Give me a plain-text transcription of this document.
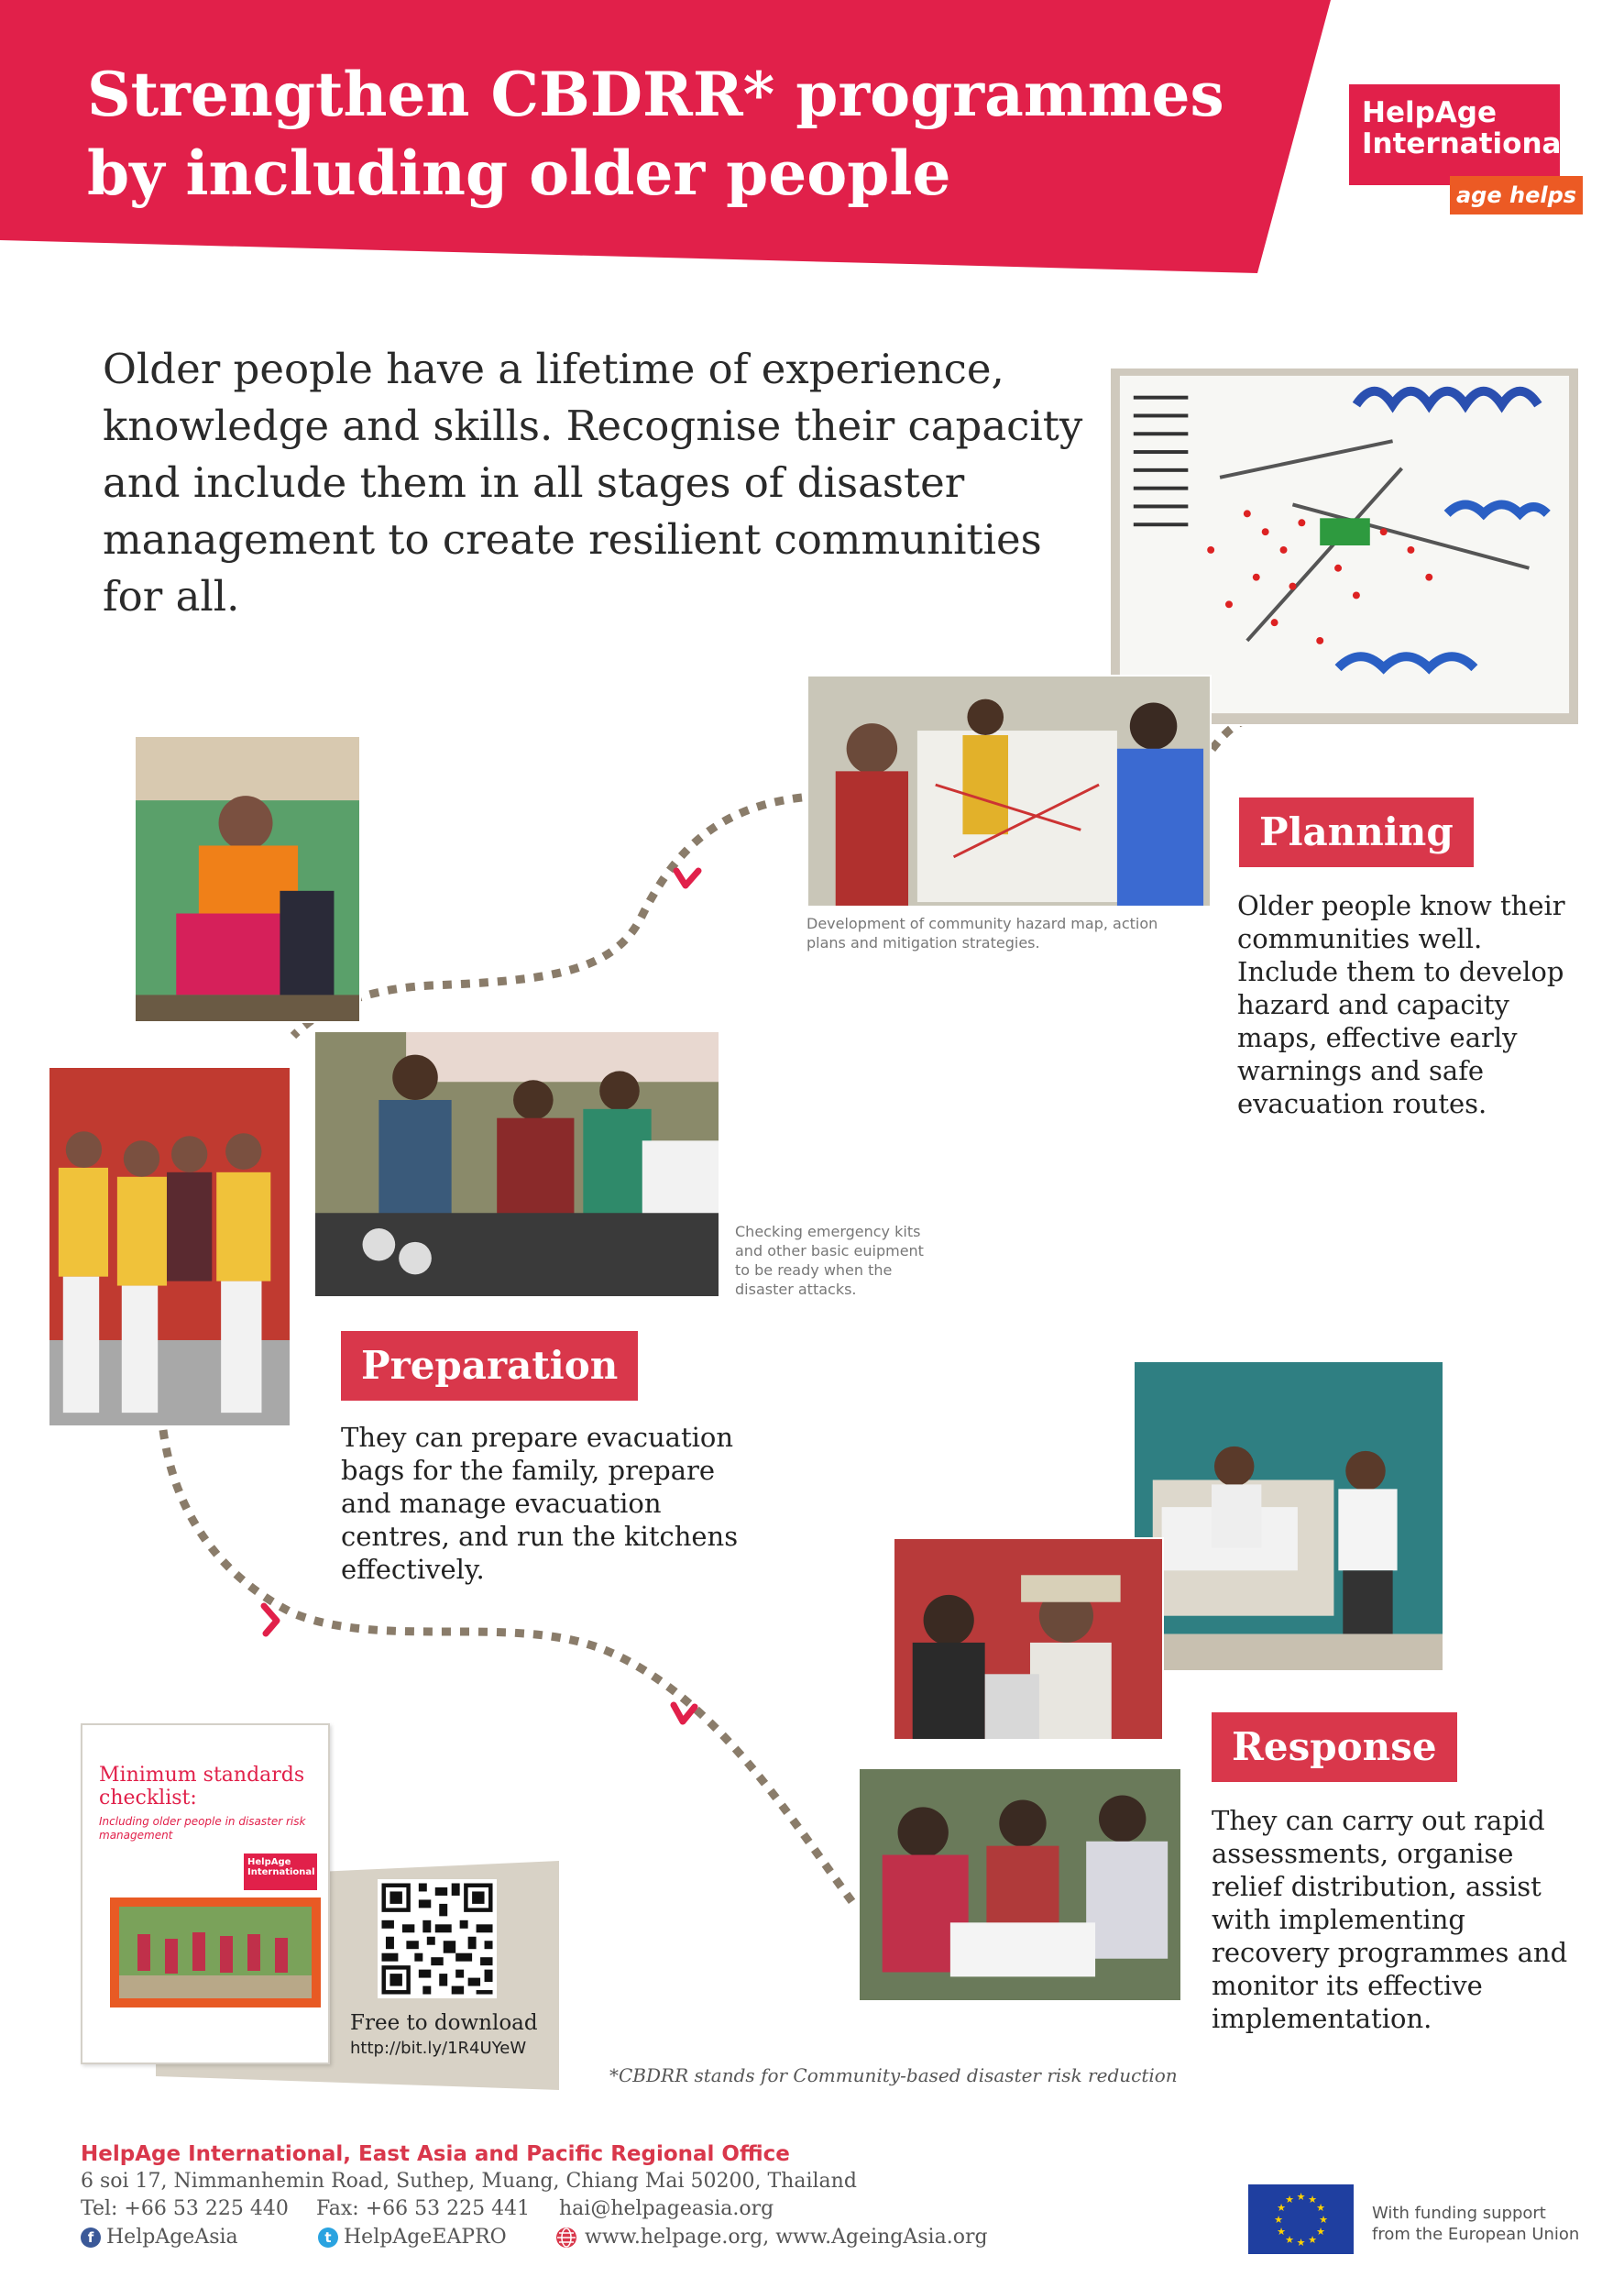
Strengthen CBDRR* programmes
by including older people
HelpAge
International
age helps

Older people have a lifetime of experience, knowledge and skills. Recognise their capacity and include them in all stages of disaster management to create resilient communities for all.

Development of community hazard map, action plans and mitigation strategies.
Planning

Older people know their communities well. Include them to develop hazard and capacity maps, effective early warnings and safe evacuation routes.

Checking emergency kits and other basic euipment to be ready when the disaster attacks.
Preparation

They can prepare evacuation bags for the family, prepare and manage evacuation centres, and run the kitchens effectively.

Response

They can carry out rapid assessments, organise relief distribution, assist with implementing recovery programmes and monitor its effective implementation.

Minimum standards checklist:
Including older people in disaster risk management
HelpAge International
Free to download
http://bit.ly/1R4UYeW
*CBDRR stands for Community-based disaster risk reduction
HelpAge International, East Asia and Pacific Regional Office
6 soi 17, Nimmanhemin Road, Suthep, Muang, Chiang Mai 50200, Thailand
Tel: +66 53 225 440 Fax: +66 53 225 441 hai@helpageasia.org
f HelpAgeAsia	t HelpAgeEAPRO	www.helpage.org, www.AgeingAsia.org
★ ★
★
★
★
★
★
★
★
★
★
★
With funding support
from the European Union
